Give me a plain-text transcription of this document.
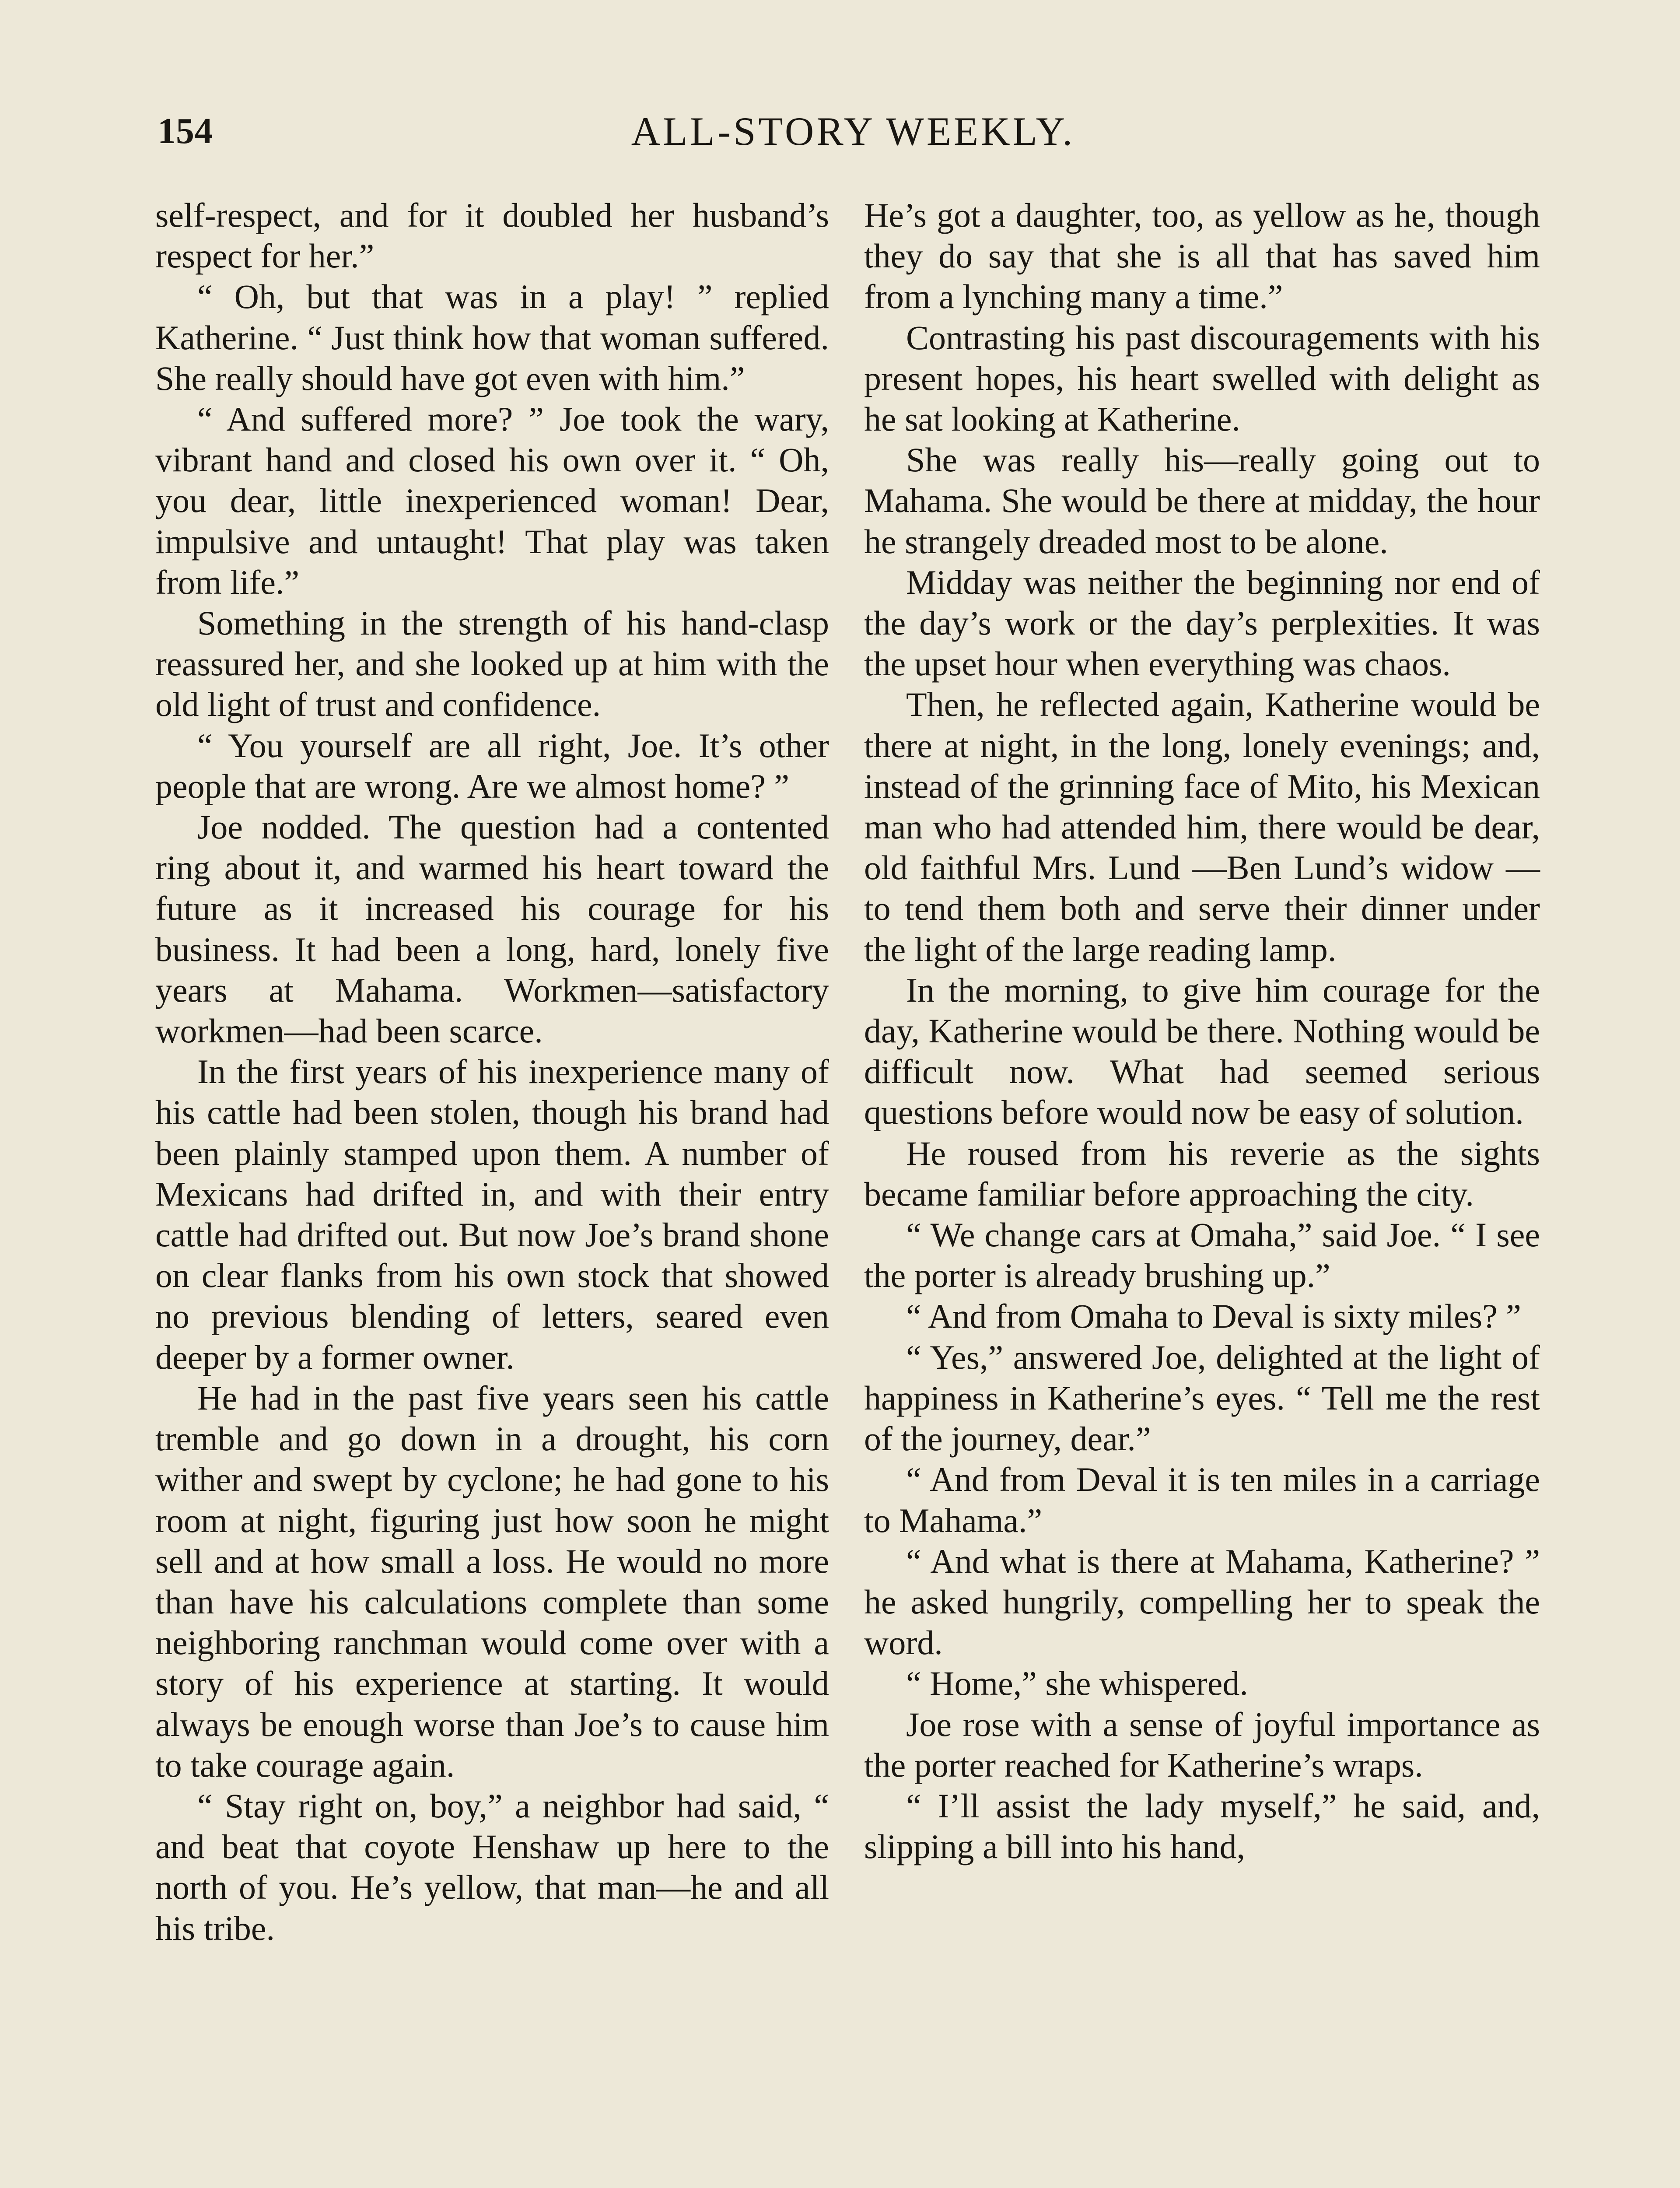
ALL-STORY WEEKLY.
154

self-respect, and for it doubled her husband’s respect for her.”

“ Oh, but that was in a play! ” replied Katherine. “ Just think how that woman suffered. She really should have got even with him.”

“ And suffered more? ” Joe took the wary, vibrant hand and closed his own over it. “ Oh, you dear, little inexperienced woman! Dear, impulsive and untaught! That play was taken from life.”

Something in the strength of his hand-clasp reassured her, and she looked up at him with the old light of trust and confidence.

“ You yourself are all right, Joe. It’s other people that are wrong. Are we almost home? ”

Joe nodded. The question had a contented ring about it, and warmed his heart toward the future as it increased his courage for his business. It had been a long, hard, lonely five years at Mahama. Workmen—satisfactory workmen—had been scarce.

In the first years of his inexperience many of his cattle had been stolen, though his brand had been plainly stamped upon them. A number of Mexicans had drifted in, and with their entry cattle had drifted out. But now Joe’s brand shone on clear flanks from his own stock that showed no previous blending of letters, seared even deeper by a former owner.

He had in the past five years seen his cattle tremble and go down in a drought, his corn wither and swept by cyclone; he had gone to his room at night, figuring just how soon he might sell and at how small a loss. He would no more than have his calculations complete than some neighboring ranchman would come over with a story of his experience at starting. It would always be enough worse than Joe’s to cause him to take courage again.

“ Stay right on, boy,” a neighbor had said, “ and beat that coyote Henshaw up here to the north of you. He’s yellow, that man—he and all his tribe.

He’s got a daughter, too, as yellow as he, though they do say that she is all that has saved him from a lynching many a time.”

Contrasting his past discouragements with his present hopes, his heart swelled with delight as he sat looking at Katherine.

She was really his—really going out to Mahama. She would be there at midday, the hour he strangely dreaded most to be alone.

Midday was neither the beginning nor end of the day’s work or the day’s perplexities. It was the upset hour when everything was chaos.

Then, he reflected again, Katherine would be there at night, in the long, lonely evenings; and, instead of the grinning face of Mito, his Mexican man who had attended him, there would be dear, old faithful Mrs. Lund —Ben Lund’s widow — to tend them both and serve their dinner under the light of the large reading lamp.

In the morning, to give him courage for the day, Katherine would be there. Nothing would be difficult now. What had seemed serious questions before would now be easy of solution.

He roused from his reverie as the sights became familiar before approaching the city.

“ We change cars at Omaha,” said Joe. “ I see the porter is already brushing up.”

“ And from Omaha to Deval is sixty miles? ”

“ Yes,” answered Joe, delighted at the light of happiness in Katherine’s eyes. “ Tell me the rest of the journey, dear.”

“ And from Deval it is ten miles in a carriage to Mahama.”

“ And what is there at Mahama, Katherine? ” he asked hungrily, compelling her to speak the word.

“ Home,” she whispered.

Joe rose with a sense of joyful importance as the porter reached for Katherine’s wraps.

“ I’ll assist the lady myself,” he said, and, slipping a bill into his hand,
